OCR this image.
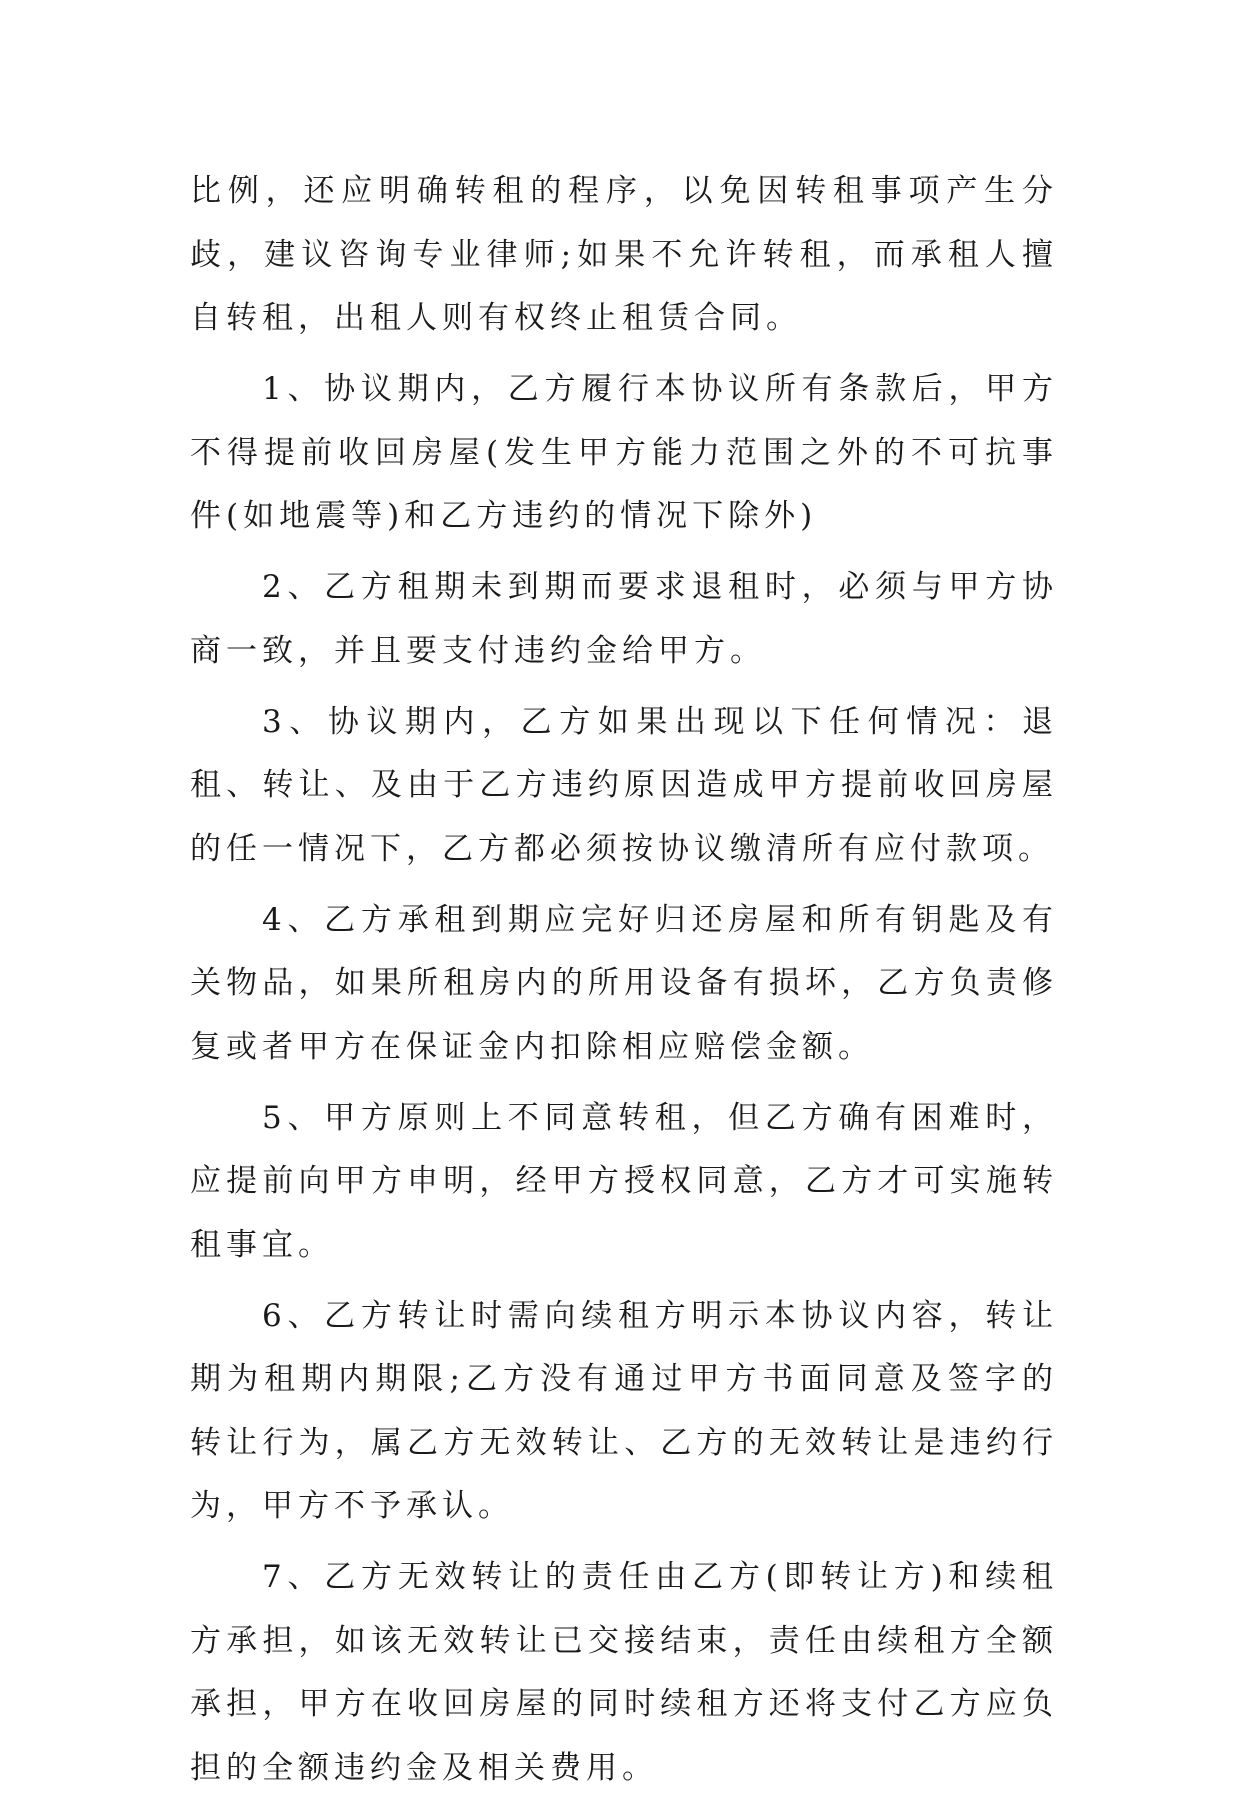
比例，还应明确转租的程序，以免因转租事项产生分歧，建议咨询专业律师;如果不允许转租，而承租人擅自转租，出租人则有权终止租赁合同。

1、协议期内，乙方履行本协议所有条款后，甲方不得提前收回房屋(发生甲方能力范围之外的不可抗事件(如地震等)和乙方违约的情况下除外)

2、乙方租期未到期而要求退租时，必须与甲方协商一致，并且要支付违约金给甲方。

3、协议期内，乙方如果出现以下任何情况：退租、转让、及由于乙方违约原因造成甲方提前收回房屋的任一情况下，乙方都必须按协议缴清所有应付款项。

4、乙方承租到期应完好归还房屋和所有钥匙及有关物品，如果所租房内的所用设备有损坏，乙方负责修复或者甲方在保证金内扣除相应赔偿金额。

5、甲方原则上不同意转租，但乙方确有困难时，应提前向甲方申明，经甲方授权同意，乙方才可实施转租事宜。

6、乙方转让时需向续租方明示本协议内容，转让期为租期内期限;乙方没有通过甲方书面同意及签字的转让行为，属乙方无效转让、乙方的无效转让是违约行为，甲方不予承认。

7、乙方无效转让的责任由乙方(即转让方)和续租方承担，如该无效转让已交接结束，责任由续租方全额承担，甲方在收回房屋的同时续租方还将支付乙方应负担的全额违约金及相关费用。
